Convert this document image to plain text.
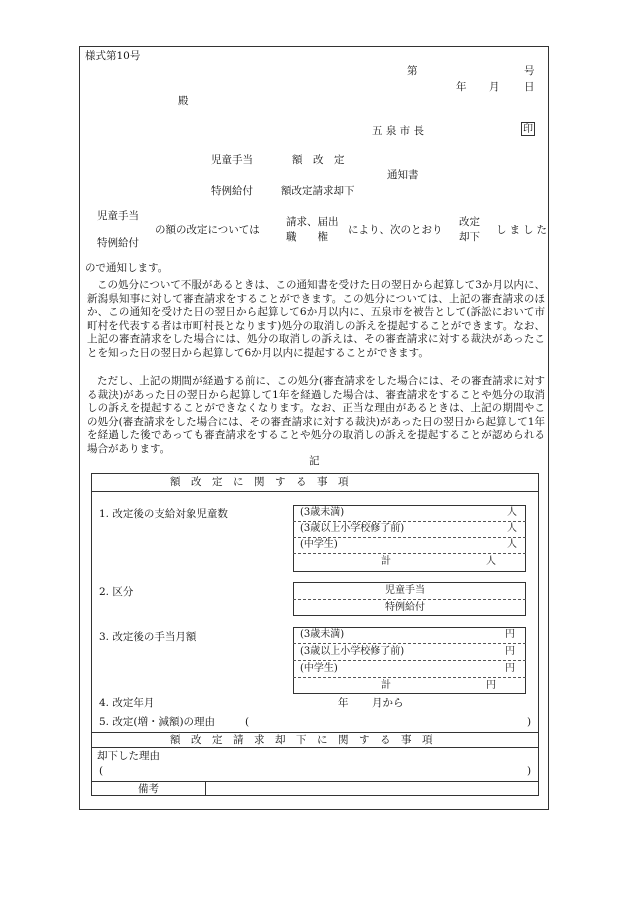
様式第10号
第	号
年 月 日
殿
五 泉 市 長	印
児童手当	額　改　定
通知書
特例給付	額改定請求却下
児童手当
特例給付
の額の改定については
請求、届出
職　　権
により、次のとおり
改定
却下
しました
ので通知します。
この処分について不服があるときは、この通知書を受けた日の翌日から起算して3か月以内に、新潟県知事に対して審査請求をすることができます。この処分については、上記の審査請求のほか、この通知を受けた日の翌日から起算して6か月以内に、五泉市を被告として(訴訟において市町村を代表する者は市町村長となります)処分の取消しの訴えを提起することができます。なお、上記の審査請求をした場合には、処分の取消しの訴えは、その審査請求に対する裁決があったことを知った日の翌日から起算して6か月以内に提起することができます。
ただし、上記の期間が経過する前に、この処分(審査請求をした場合には、その審査請求に対する裁決)があった日の翌日から起算して1年を経過した場合は、審査請求をすることや処分の取消しの訴えを提起することができなくなります。なお、正当な理由があるときは、上記の期間やこの処分(審査請求をした場合には、その審査請求に対する裁決)があった日の翌日から起算して1年を経過した後であっても審査請求をすることや処分の取消しの訴えを提起することが認められる場合があります。
記
額　改　定　に　関　す　る　事　項
1. 改定後の支給対象児童数	(3歳未満)	人
(3歳以上小学校修了前)	人
(中学生)	人
計	人
2. 区分	児童手当
特例給付
3. 改定後の手当月額	(3歳未満)	円
(3歳以上小学校修了前)	円
(中学生)	円
計	円
4. 改定年月	年 月から
5. 改定(増・減額)の理由	(	)
額　改　定　請　求　却　下　に　関　す　る　事　項
却下した理由
(	)
備考
